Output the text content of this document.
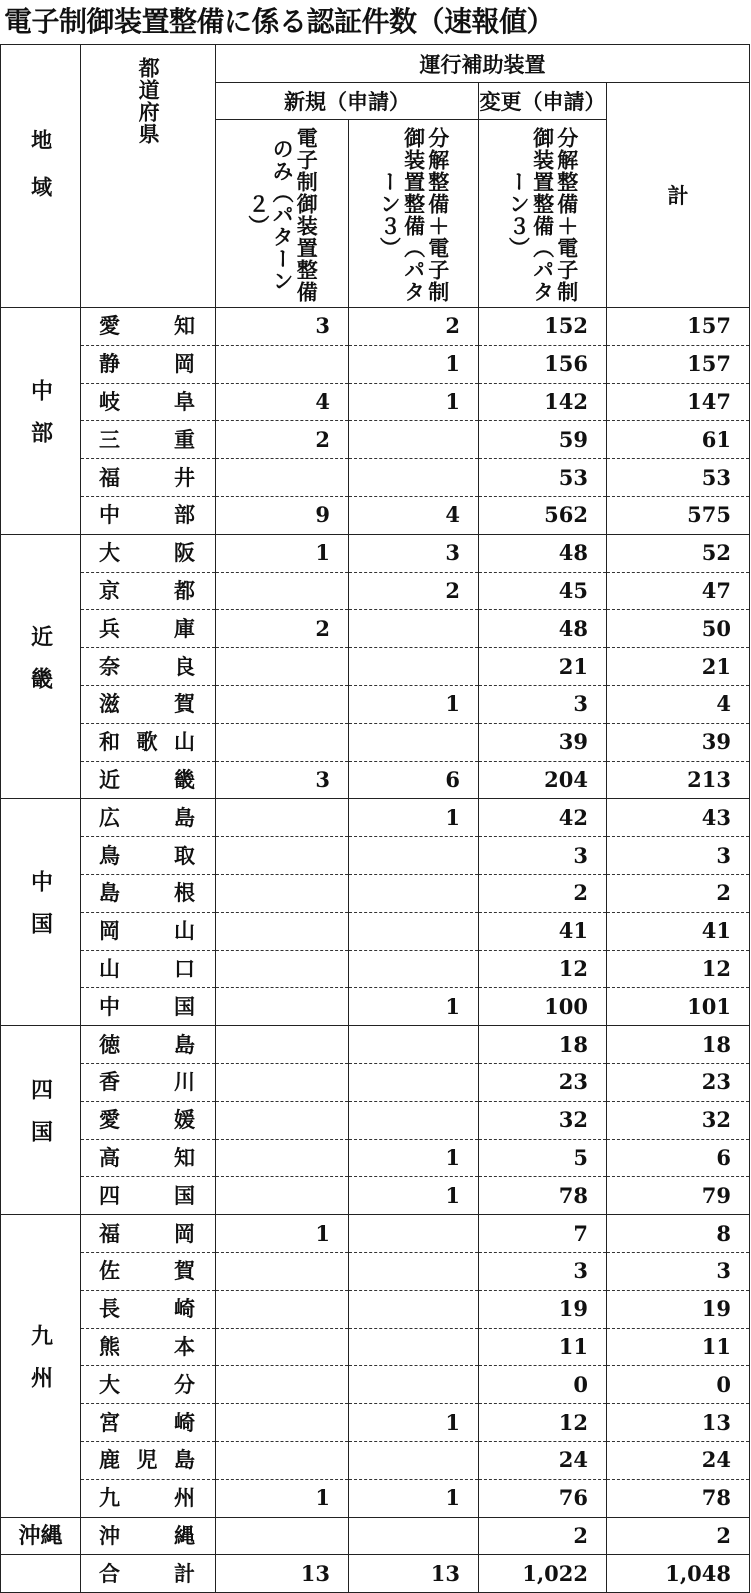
電子制御装置整備に係る認証件数（速報値）
地域	都道府県	運行補助装置			
		新規（申請）		変更（申請）	計

		電子制御装置整備のみ（パターン２）	分解整備＋電子制御装置整備（パターン３）	分解整備＋電子制御装置整備（パターン３）	

中部	愛 知	3	2	152	157

	静 岡		1	156	157

	岐 阜	4	1	142	147

	三 重	2		59	61

	福 井			53	53

	中 部	9	4	562	575

近畿	大 阪	1	3	48	52

	京 都		2	45	47

	兵 庫	2		48	50

	奈 良			21	21

	滋 賀		1	3	4

	和 歌 山			39	39

	近 畿	3	6	204	213

中国	広 島		1	42	43

	鳥 取			3	3

	島 根			2	2

	岡 山			41	41

	山 口			12	12

	中 国		1	100	101

四国	徳 島			18	18

	香 川			23	23

	愛 媛			32	32

	高 知		1	5	6

	四 国		1	78	79

九州	福 岡	1		7	8

	佐 賀			3	3

	長 崎			19	19

	熊 本			11	11

	大 分			0	0

	宮 崎		1	12	13

	鹿 児 島			24	24

	九 州	1	1	76	78

沖縄	沖 縄			2	2

	合 計	13	13	1,022	1,048
